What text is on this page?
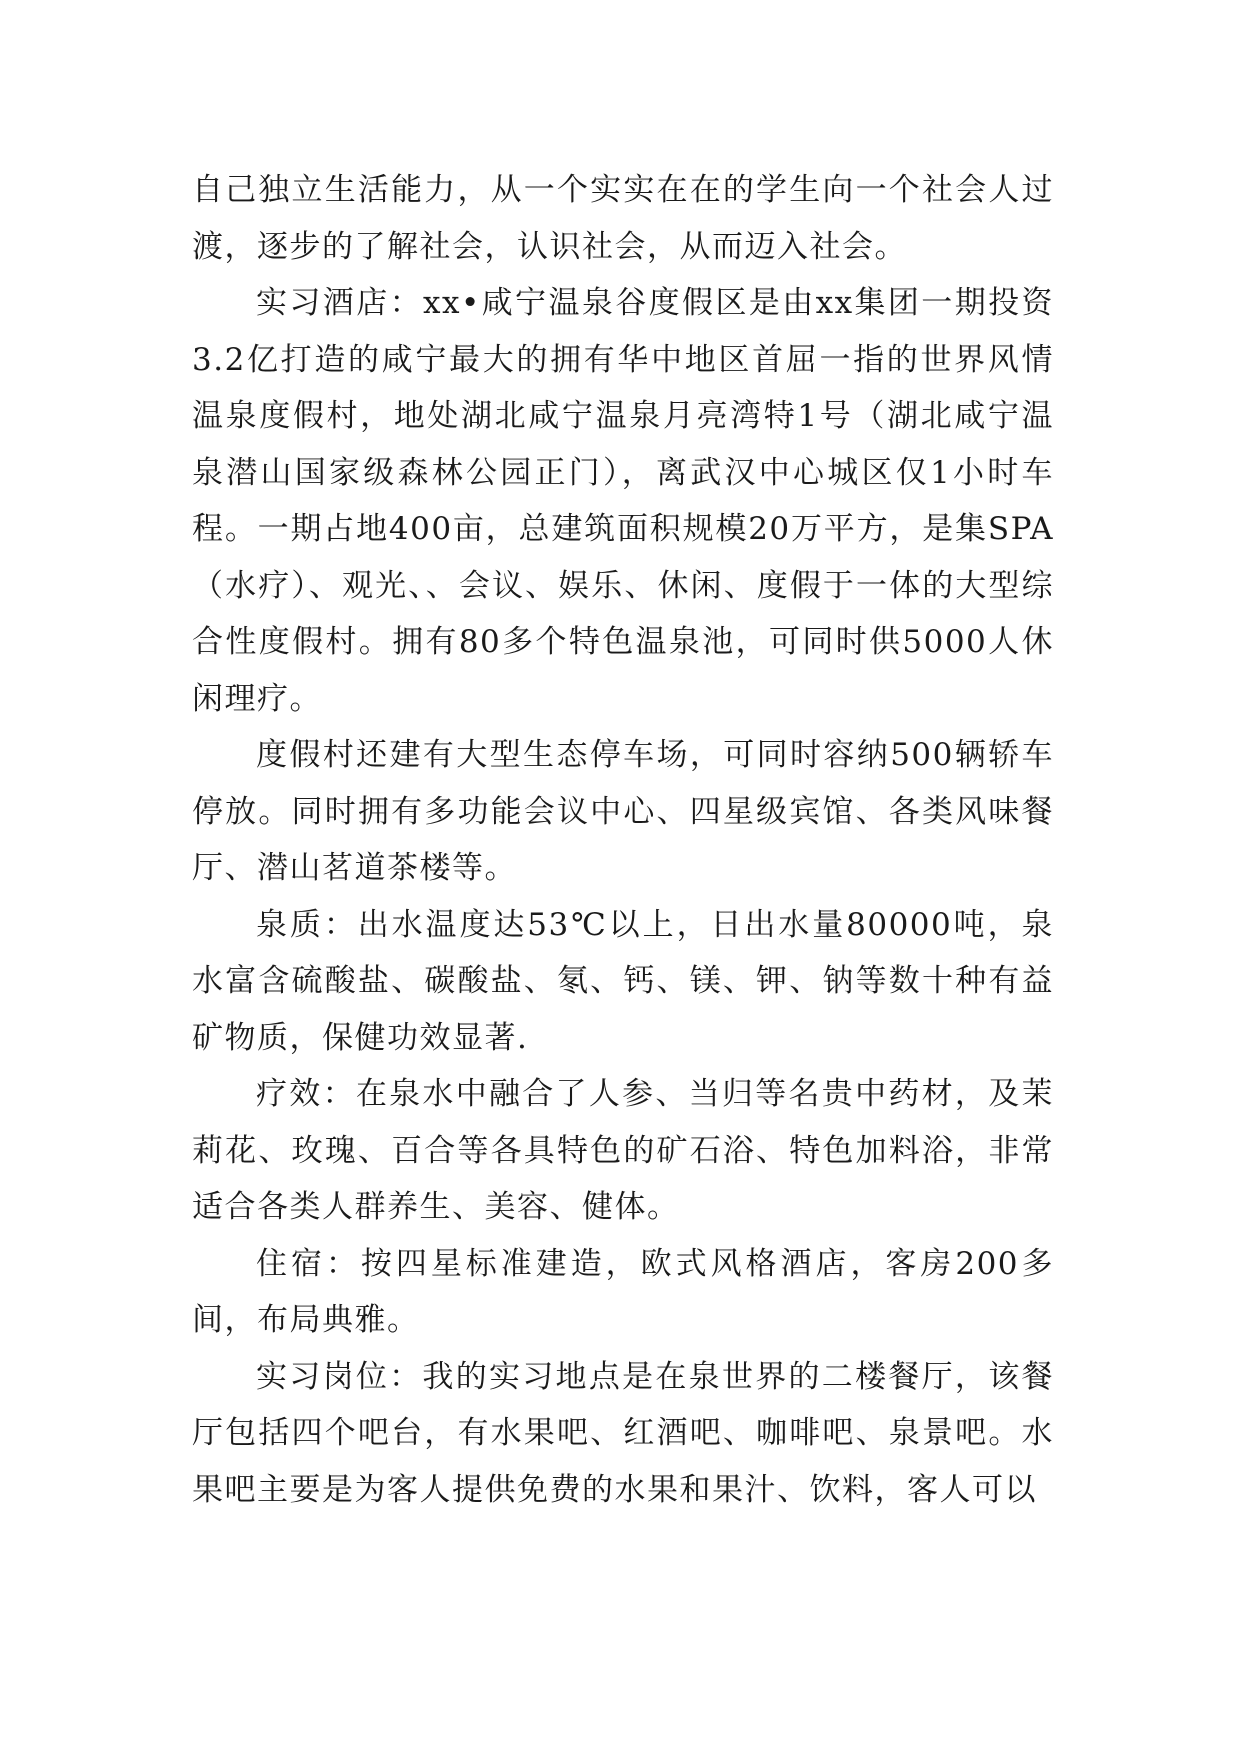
自己独立生活能力，从一个实实在在的学生向一个社会人过渡，逐步的了解社会，认识社会，从而迈入社会。

实习酒店：xx•咸宁温泉谷度假区是由xx集团一期投资3.2亿打造的咸宁最大的拥有华中地区首屈一指的世界风情温泉度假村，地处湖北咸宁温泉月亮湾特1号（湖北咸宁温泉潜山国家级森林公园正门），离武汉中心城区仅1小时车程。一期占地400亩，总建筑面积规模20万平方，是集SPA（水疗）、观光、、会议、娱乐、休闲、度假于一体的大型综合性度假村。拥有80多个特色温泉池，可同时供5000人休闲理疗。

度假村还建有大型生态停车场，可同时容纳500辆轿车停放。同时拥有多功能会议中心、四星级宾馆、各类风味餐厅、潜山茗道茶楼等。

泉质：出水温度达53℃以上，日出水量80000吨，泉水富含硫酸盐、碳酸盐、氡、钙、镁、钾、钠等数十种有益矿物质，保健功效显著.

疗效：在泉水中融合了人参、当归等名贵中药材，及茉莉花、玫瑰、百合等各具特色的矿石浴、特色加料浴，非常适合各类人群养生、美容、健体。

住宿：按四星标准建造，欧式风格酒店，客房200多间，布局典雅。

实习岗位：我的实习地点是在泉世界的二楼餐厅，该餐厅包括四个吧台，有水果吧、红酒吧、咖啡吧、泉景吧。水果吧主要是为客人提供免费的水果和果汁、饮料，客人可以
